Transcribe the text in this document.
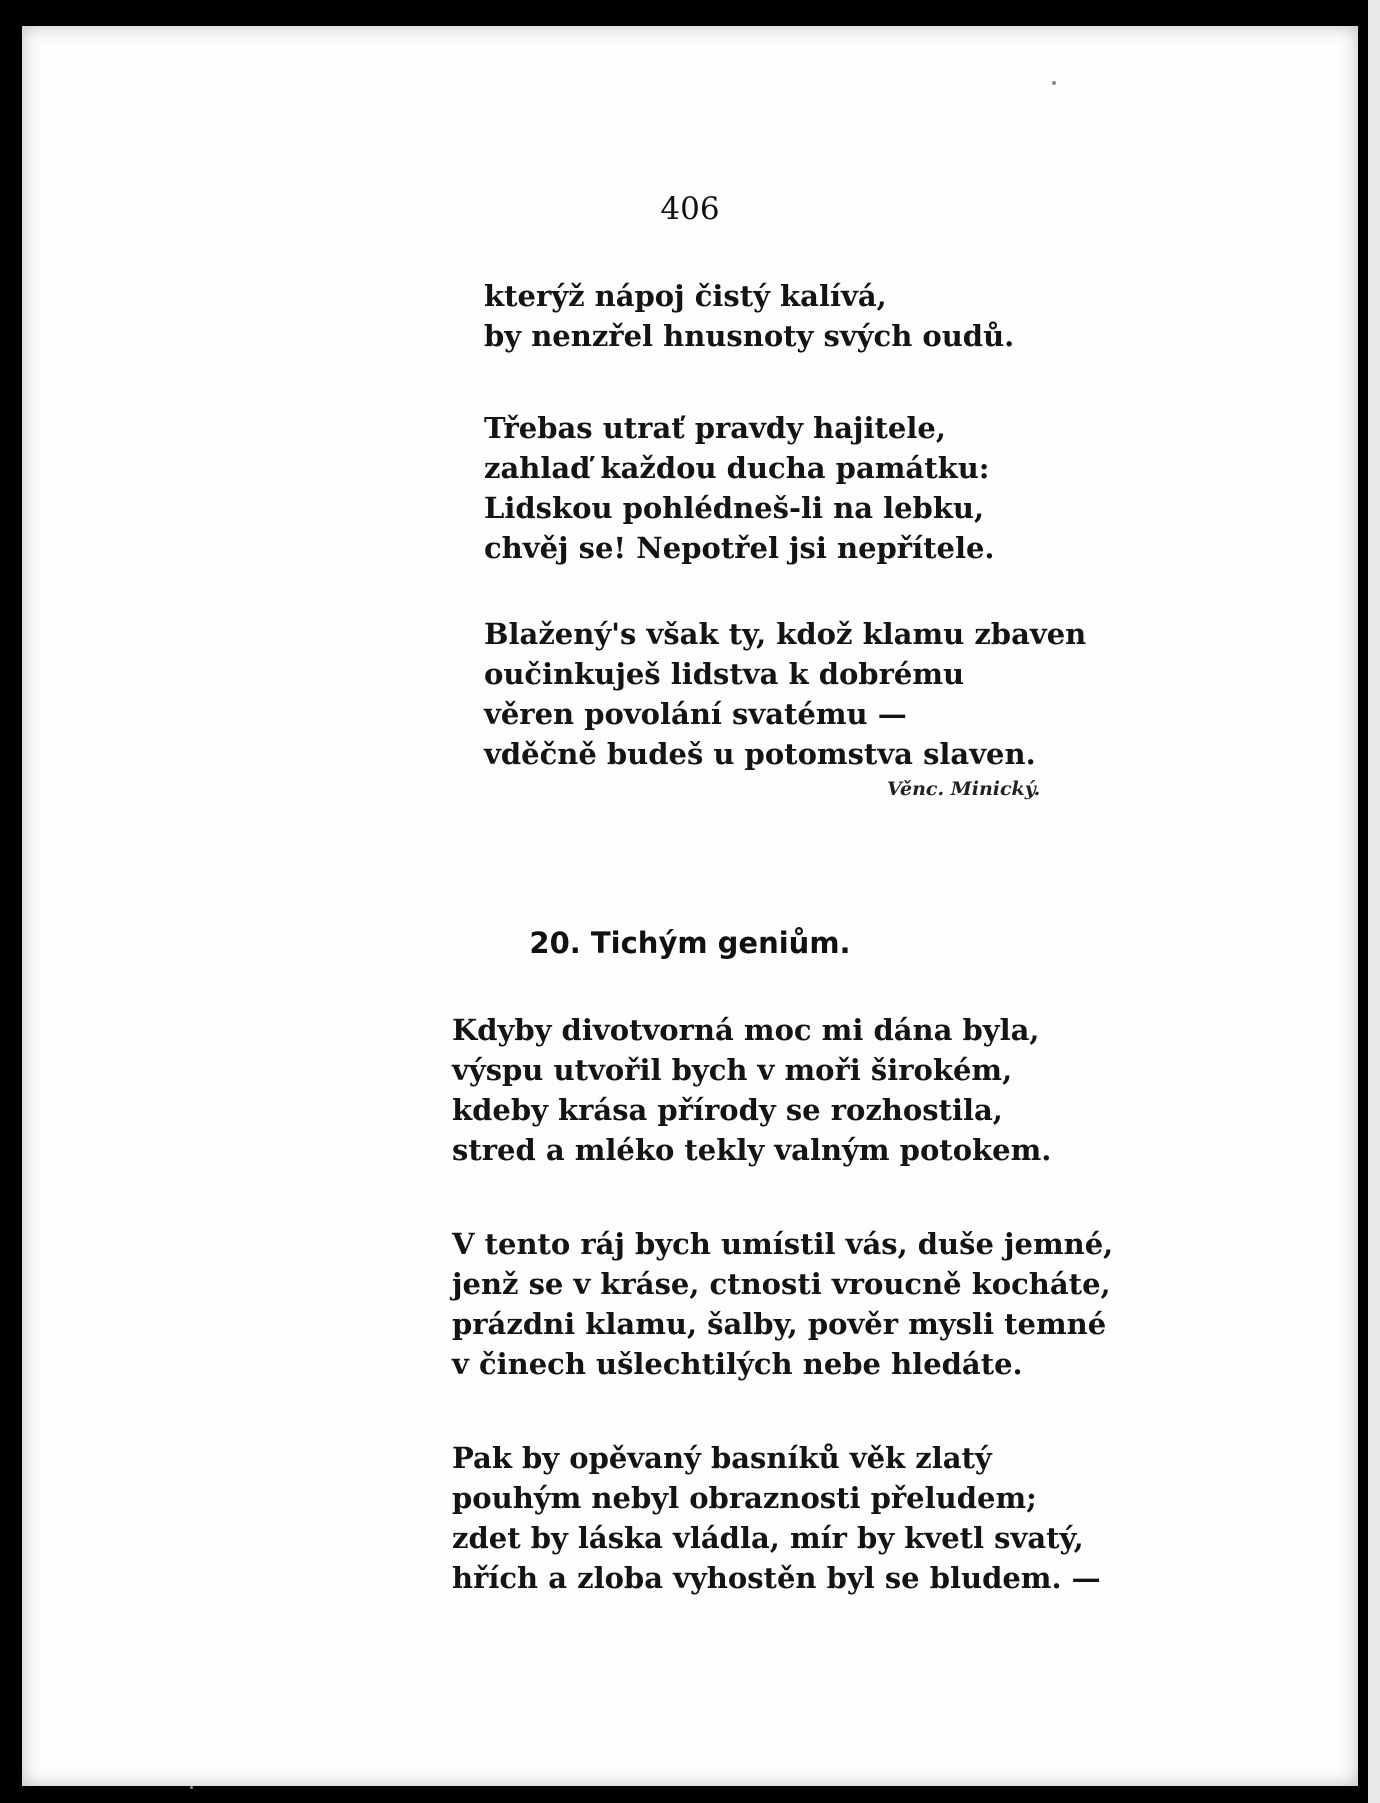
406
kterýž nápoj čistý kalívá,
by nenzřel hnusnoty svých oudů.
Třebas utrať pravdy hajitele,
zahlaď každou ducha památku:
Lidskou pohlédneš-li na lebku,
chvěj se! Nepotřel jsi nepřítele.
Blažený's však ty, kdož klamu zbaven
oučinkuješ lidstva k dobrému
věren povolání svatému —
vděčně budeš u potomstva slaven.
Věnc. Minický.
20. Tichým geniům.
Kdyby divotvorná moc mi dána byla,
výspu utvořil bych v moři širokém,
kdeby krása přírody se rozhostila,
stred a mléko tekly valným potokem.
V tento ráj bych umístil vás, duše jemné,
jenž se v kráse, ctnosti vroucně kocháte,
prázdni klamu, šalby, pověr mysli temné
v činech ušlechtilých nebe hledáte.
Pak by opěvaný basníků věk zlatý
pouhým nebyl obraznosti přeludem;
zdet by láska vládla, mír by kvetl svatý,
hřích a zloba vyhostěn byl se bludem. —
